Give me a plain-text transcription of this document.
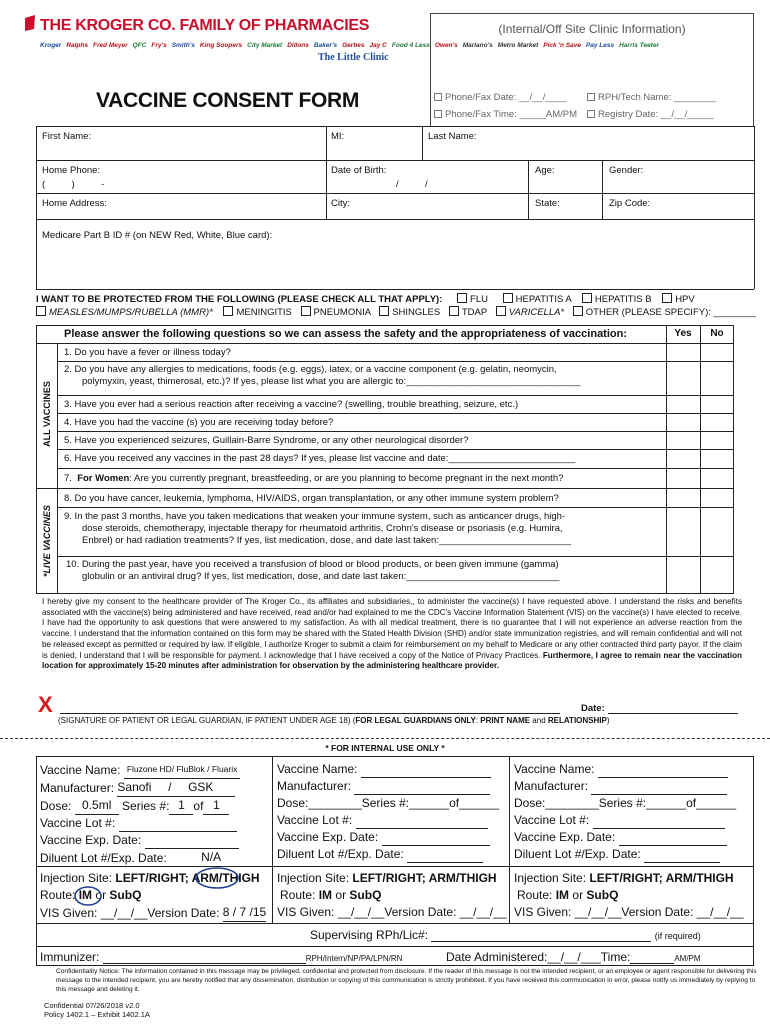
THE KROGER CO. FAMILY OF PHARMACIES
Kroger Ralphs Fred Meyer QFC Fry's Smith's King Soopers City Market Dillons Baker's Gerbes Jay C Food 4 Less Owen's Mariano's Metro Market Pick 'n Save Pay Less Harris Teeter
The Little Clinic
VACCINE CONSENT FORM
(Internal/Off Site Clinic Information)
Phone/Fax Date: __/__/____	RPH/Tech Name: ________
Phone/Fax Time: _____AM/PM	Registry Date: __/__/_____
First Name:	MI:	Last Name:
Home Phone:
(          )          -
Date of Birth:
/          /
Age:	Gender:
Home Address:	City:	State:	Zip Code:
Medicare Part B ID # (on NEW Red, White, Blue card):
I WANT TO BE PROTECTED FROM THE FOLLOWING (PLEASE CHECK ALL THAT APPLY):	FLU	HEPATITIS A HEPATITIS B HPV
MEASLES/MUMPS/RUBELLA (MMR)* MENINGITIS PNEUMONIA SHINGLES TDAP VARICELLA* OTHER (PLEASE SPECIFY): ________
Please answer the following questions so we can assess the safety and the appropriateness of vaccination:	Yes	No
ALL VACCINES
*LIVE VACCINES
1. Do you have a fever or illness today?
2. Do you have any allergies to medications, foods (e.g. eggs), latex, or a vaccine component (e.g. gelatin, neomycin,
polymyxin, yeast, thimerosal, etc.)? If yes, please list what you are allergic to:_________________________________
3. Have you ever had a serious reaction after receiving a vaccine? (swelling, trouble breathing, seizure, etc.)
4. Have you had the vaccine (s) you are receiving today before?
5. Have you experienced seizures, Guillain-Barre Syndrome, or any other neurological disorder?
6. Have you received any vaccines in the past 28 days? If yes, please list vaccine and date:________________________
7.  For Women: Are you currently pregnant, breastfeeding, or are you planning to become pregnant in the next month?
8. Do you have cancer, leukemia, lymphoma, HIV/AIDS, organ transplantation, or any other immune system problem?
9. In the past 3 months, have you taken medications that weaken your immune system, such as anticancer drugs, high-
dose steroids, chemotherapy, injectable therapy for rheumatoid arthritis, Crohn's disease or psoriasis (e.g. Humira,
Enbrel) or had radiation treatments? If yes, list medication, dose, and date last taken:_________________________
10. During the past year, have you received a transfusion of blood or blood products, or been given immune (gamma)
globulin or an antiviral drug? If yes, list medication, dose, and date last taken:_____________________________
I hereby give my consent to the healthcare provider of The Kroger Co., its affiliates and subsidiaries,, to administer the vaccine(s) I have requested above. I understand the risks and benefits associated with the vaccine(s) being administered and have received, read and/or had explained to me the CDC's Vaccine Information Statement (VIS) on the vaccine(s) I have elected to receive. I have had the opportunity to ask questions that were answered to my satisfaction. As with all medical treatment, there is no guarantee that I will not experience an adverse reaction from the vaccine. I understand that the information contained on this form may be shared with the Stated Health Division (SHD) and/or state immunization registries, and will remain confidential and will not be released except as permitted or required by law. If eligible, I authorize Kroger to submit a claim for reimbursement on my behalf to Medicare or any other contracted third party payor. If the claim is denied, I understand that I will be responsible for payment. I acknowledge that I have received a copy of the Notice of Privacy Practices. Furthermore, I agree to remain near the vaccination location for approximately 15-20 minutes after administration for observation by the administering healthcare provider.
X	Date:
(SIGNATURE OF PATIENT OR LEGAL GUARDIAN, IF PATIENT UNDER AGE 18) (FOR LEGAL GUARDIANS ONLY: PRINT NAME and RELATIONSHIP)
* FOR INTERNAL USE ONLY *
Vaccine Name: Fluzone HD/ FluBlok / Fluarix
Manufacturer: Sanofi     /     GSK
Dose: 0.5ml Series #: 1 of 1
Vaccine Lot #:
Vaccine Exp. Date:
Diluent Lot #/Exp. Date:	N/A
Injection Site: LEFT/RIGHT; ARM/THIGH
Route: IM or SubQ
VIS Given: __/__/__Version Date: 8 / 7 /15
Vaccine Name:
Manufacturer:
Dose:________Series #:______of______
Vaccine Lot #:
Vaccine Exp. Date:
Diluent Lot #/Exp. Date:
Injection Site: LEFT/RIGHT; ARM/THIGH
Route: IM or SubQ
VIS Given: __/__/__Version Date: __/__/__
Vaccine Name:
Manufacturer:
Dose:________Series #:______of______
Vaccine Lot #:
Vaccine Exp. Date:
Diluent Lot #/Exp. Date:
Injection Site: LEFT/RIGHT; ARM/THIGH
Route: IM or SubQ
VIS Given: __/__/__Version Date: __/__/__
Supervising RPh/Lic#:	(if required)
Immunizer:	RPH/Intern/NP/PA/LPN/RN	Date Administered:__/__/___Time:	AM/PM
Confidentiality Notice: The information contained in this message may be privileged, confidential and protected from disclosure. If the reader of this message is not the intended recipient, or an employee or agent responsible for delivering this message to the intended recipient, you are hereby notified that any dissemination, distribution or copying of this communication is strictly prohibited. If you have received this communication in error, please notify us immediately by replying to this message and deleting it.
Confidential 07/26/2018 v2.0
Policy 1402.1 – Exhibit 1402.1A
